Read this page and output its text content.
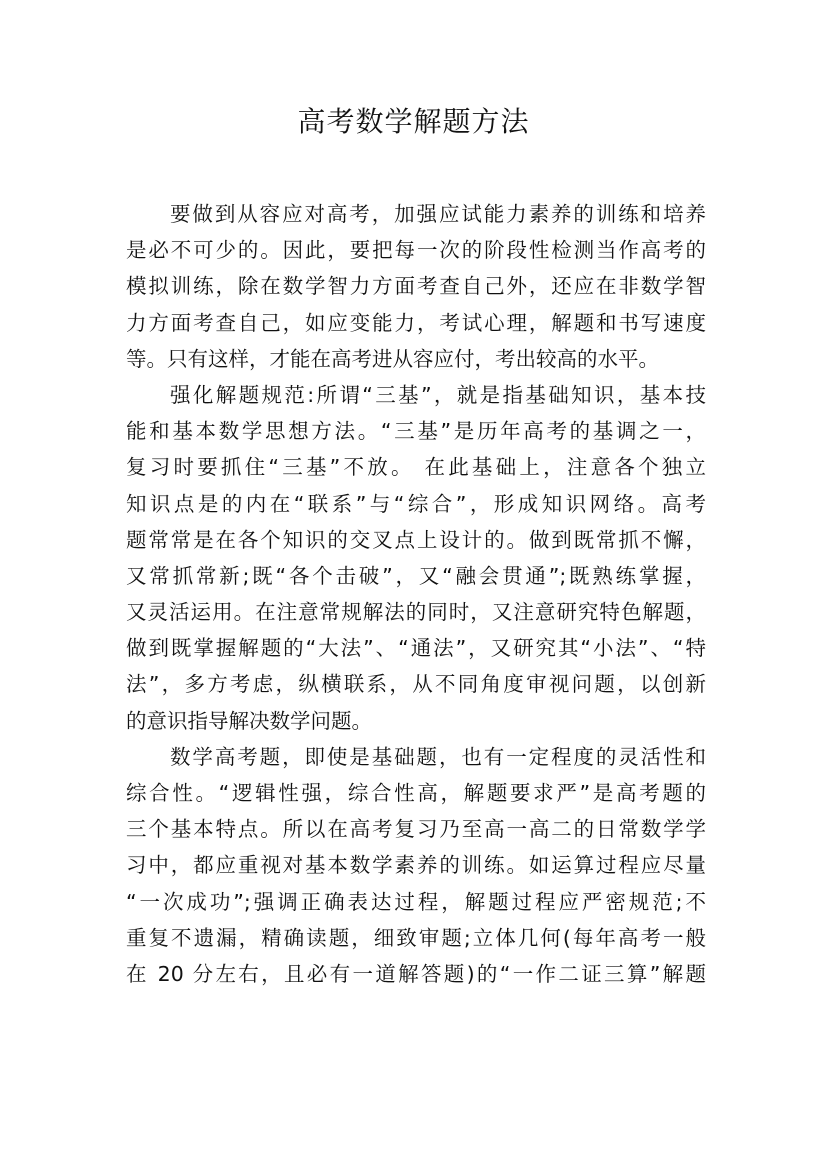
高考数学解题方法
要做到从容应对高考，加强应试能力素养的训练和培养
是必不可少的。因此，要把每一次的阶段性检测当作高考的
模拟训练，除在数学智力方面考查自己外，还应在非数学智
力方面考查自己，如应变能力，考试心理，解题和书写速度
等。只有这样，才能在高考进从容应付，考出较高的水平。
强化解题规范:所谓“三基”，就是指基础知识，基本技
能和基本数学思想方法。“三基”是历年高考的基调之一，
复习时要抓住“三基”不放。 在此基础上，注意各个独立
知识点是的内在“联系”与“综合”，形成知识网络。高考
题常常是在各个知识的交叉点上设计的。做到既常抓不懈，
又常抓常新;既“各个击破”，又“融会贯通”;既熟练掌握，
又灵活运用。在注意常规解法的同时，又注意研究特色解题，
做到既掌握解题的“大法”、“通法”，又研究其“小法”、“特
法”，多方考虑，纵横联系，从不同角度审视问题，以创新
的意识指导解决数学问题。
数学高考题，即使是基础题，也有一定程度的灵活性和
综合性。“逻辑性强，综合性高，解题要求严”是高考题的
三个基本特点。所以在高考复习乃至高一高二的日常数学学
习中，都应重视对基本数学素养的训练。如运算过程应尽量
“一次成功”;强调正确表达过程，解题过程应严密规范;不
重复不遗漏，精确读题，细致审题;立体几何(每年高考一般
在 20 分左右，且必有一道解答题)的“一作二证三算”解题
